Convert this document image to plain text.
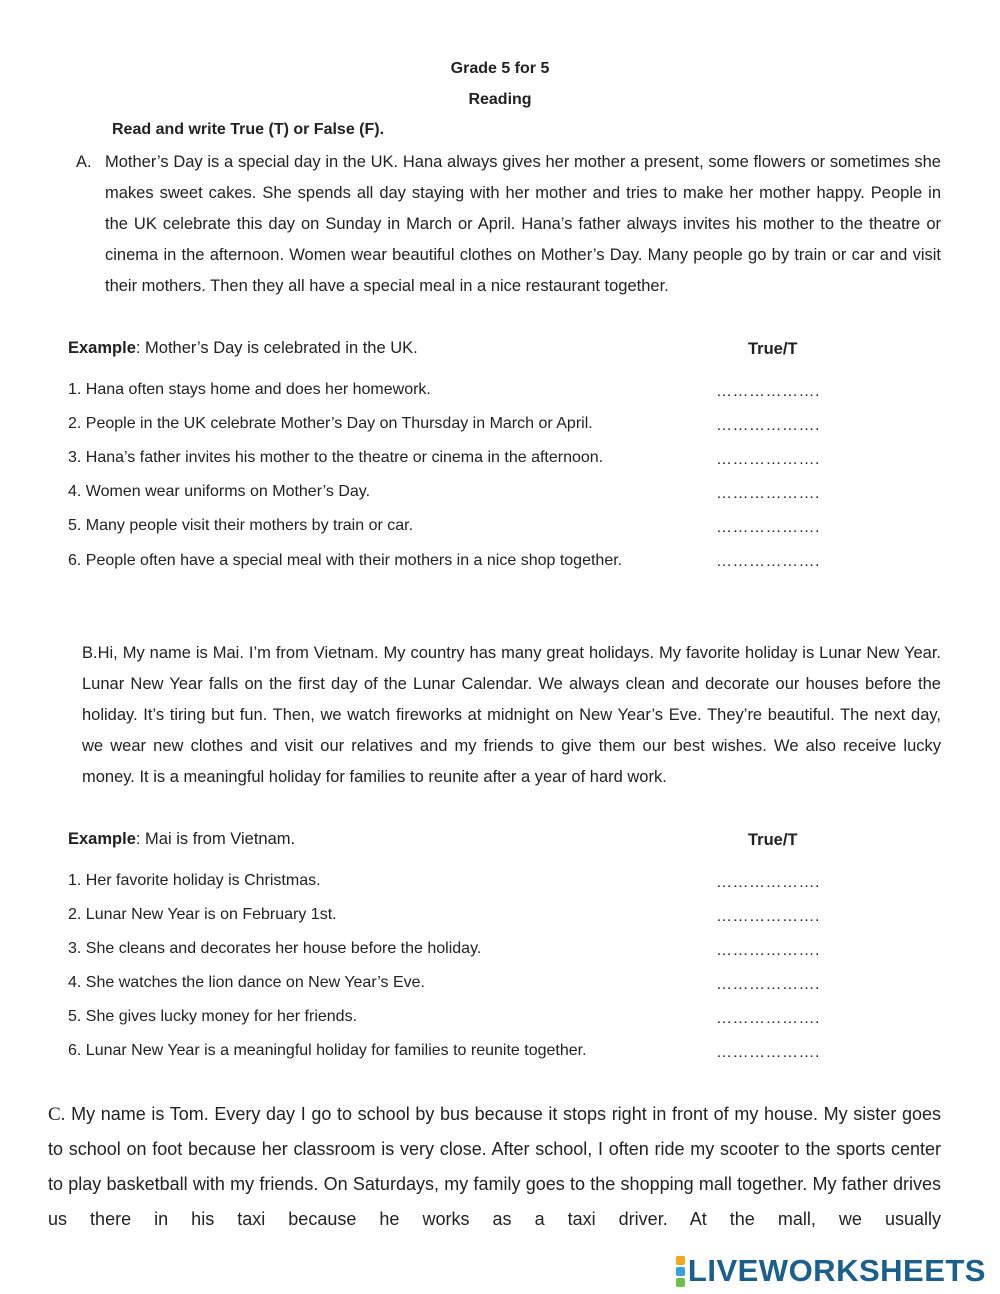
Grade 5 for 5
Reading
Read and write True (T) or False (F).
A. Mother’s Day is a special day in the UK. Hana always gives her mother a present, some flowers or sometimes she makes sweet cakes. She spends all day staying with her mother and tries to make her mother happy. People in the UK celebrate this day on Sunday in March or April. Hana’s father always invites his mother to the theatre or cinema in the afternoon. Women wear beautiful clothes on Mother’s Day. Many people go by train or car and visit their mothers. Then they all have a special meal in a nice restaurant together.
Example: Mother’s Day is celebrated in the UK.	True/T
1. Hana often stays home and does her homework.	……………….
2. People in the UK celebrate Mother’s Day on Thursday in March or April.	……………….
3. Hana’s father invites his mother to the theatre or cinema in the afternoon.	……………….
4. Women wear uniforms on Mother’s Day.	……………….
5. Many people visit their mothers by train or car.	……………….
6. People often have a special meal with their mothers in a nice shop together.	……………….
B.Hi, My name is Mai. I’m from Vietnam. My country has many great holidays. My favorite holiday is Lunar New Year. Lunar New Year falls on the first day of the Lunar Calendar. We always clean and decorate our houses before the holiday. It’s tiring but fun. Then, we watch fireworks at midnight on New Year’s Eve. They’re beautiful. The next day, we wear new clothes and visit our relatives and my friends to give them our best wishes. We also receive lucky money. It is a meaningful holiday for families to reunite after a year of hard work.
Example: Mai is from Vietnam.	True/T
1. Her favorite holiday is Christmas.	……………….
2. Lunar New Year is on February 1st.	……………….
3. She cleans and decorates her house before the holiday.	……………….
4. She watches the lion dance on New Year’s Eve.	……………….
5. She gives lucky money for her friends.	……………….
6. Lunar New Year is a meaningful holiday for families to reunite together.	……………….
C. My name is Tom. Every day I go to school by bus because it stops right in front of my house. My sister goes to school on foot because her classroom is very close. After school, I often ride my scooter to the sports center to play basketball with my friends. On Saturdays, my family goes to the shopping mall together. My father drives us there in his taxi because he works as a taxi driver. At the mall, we usually
LIVEWORKSHEETS
